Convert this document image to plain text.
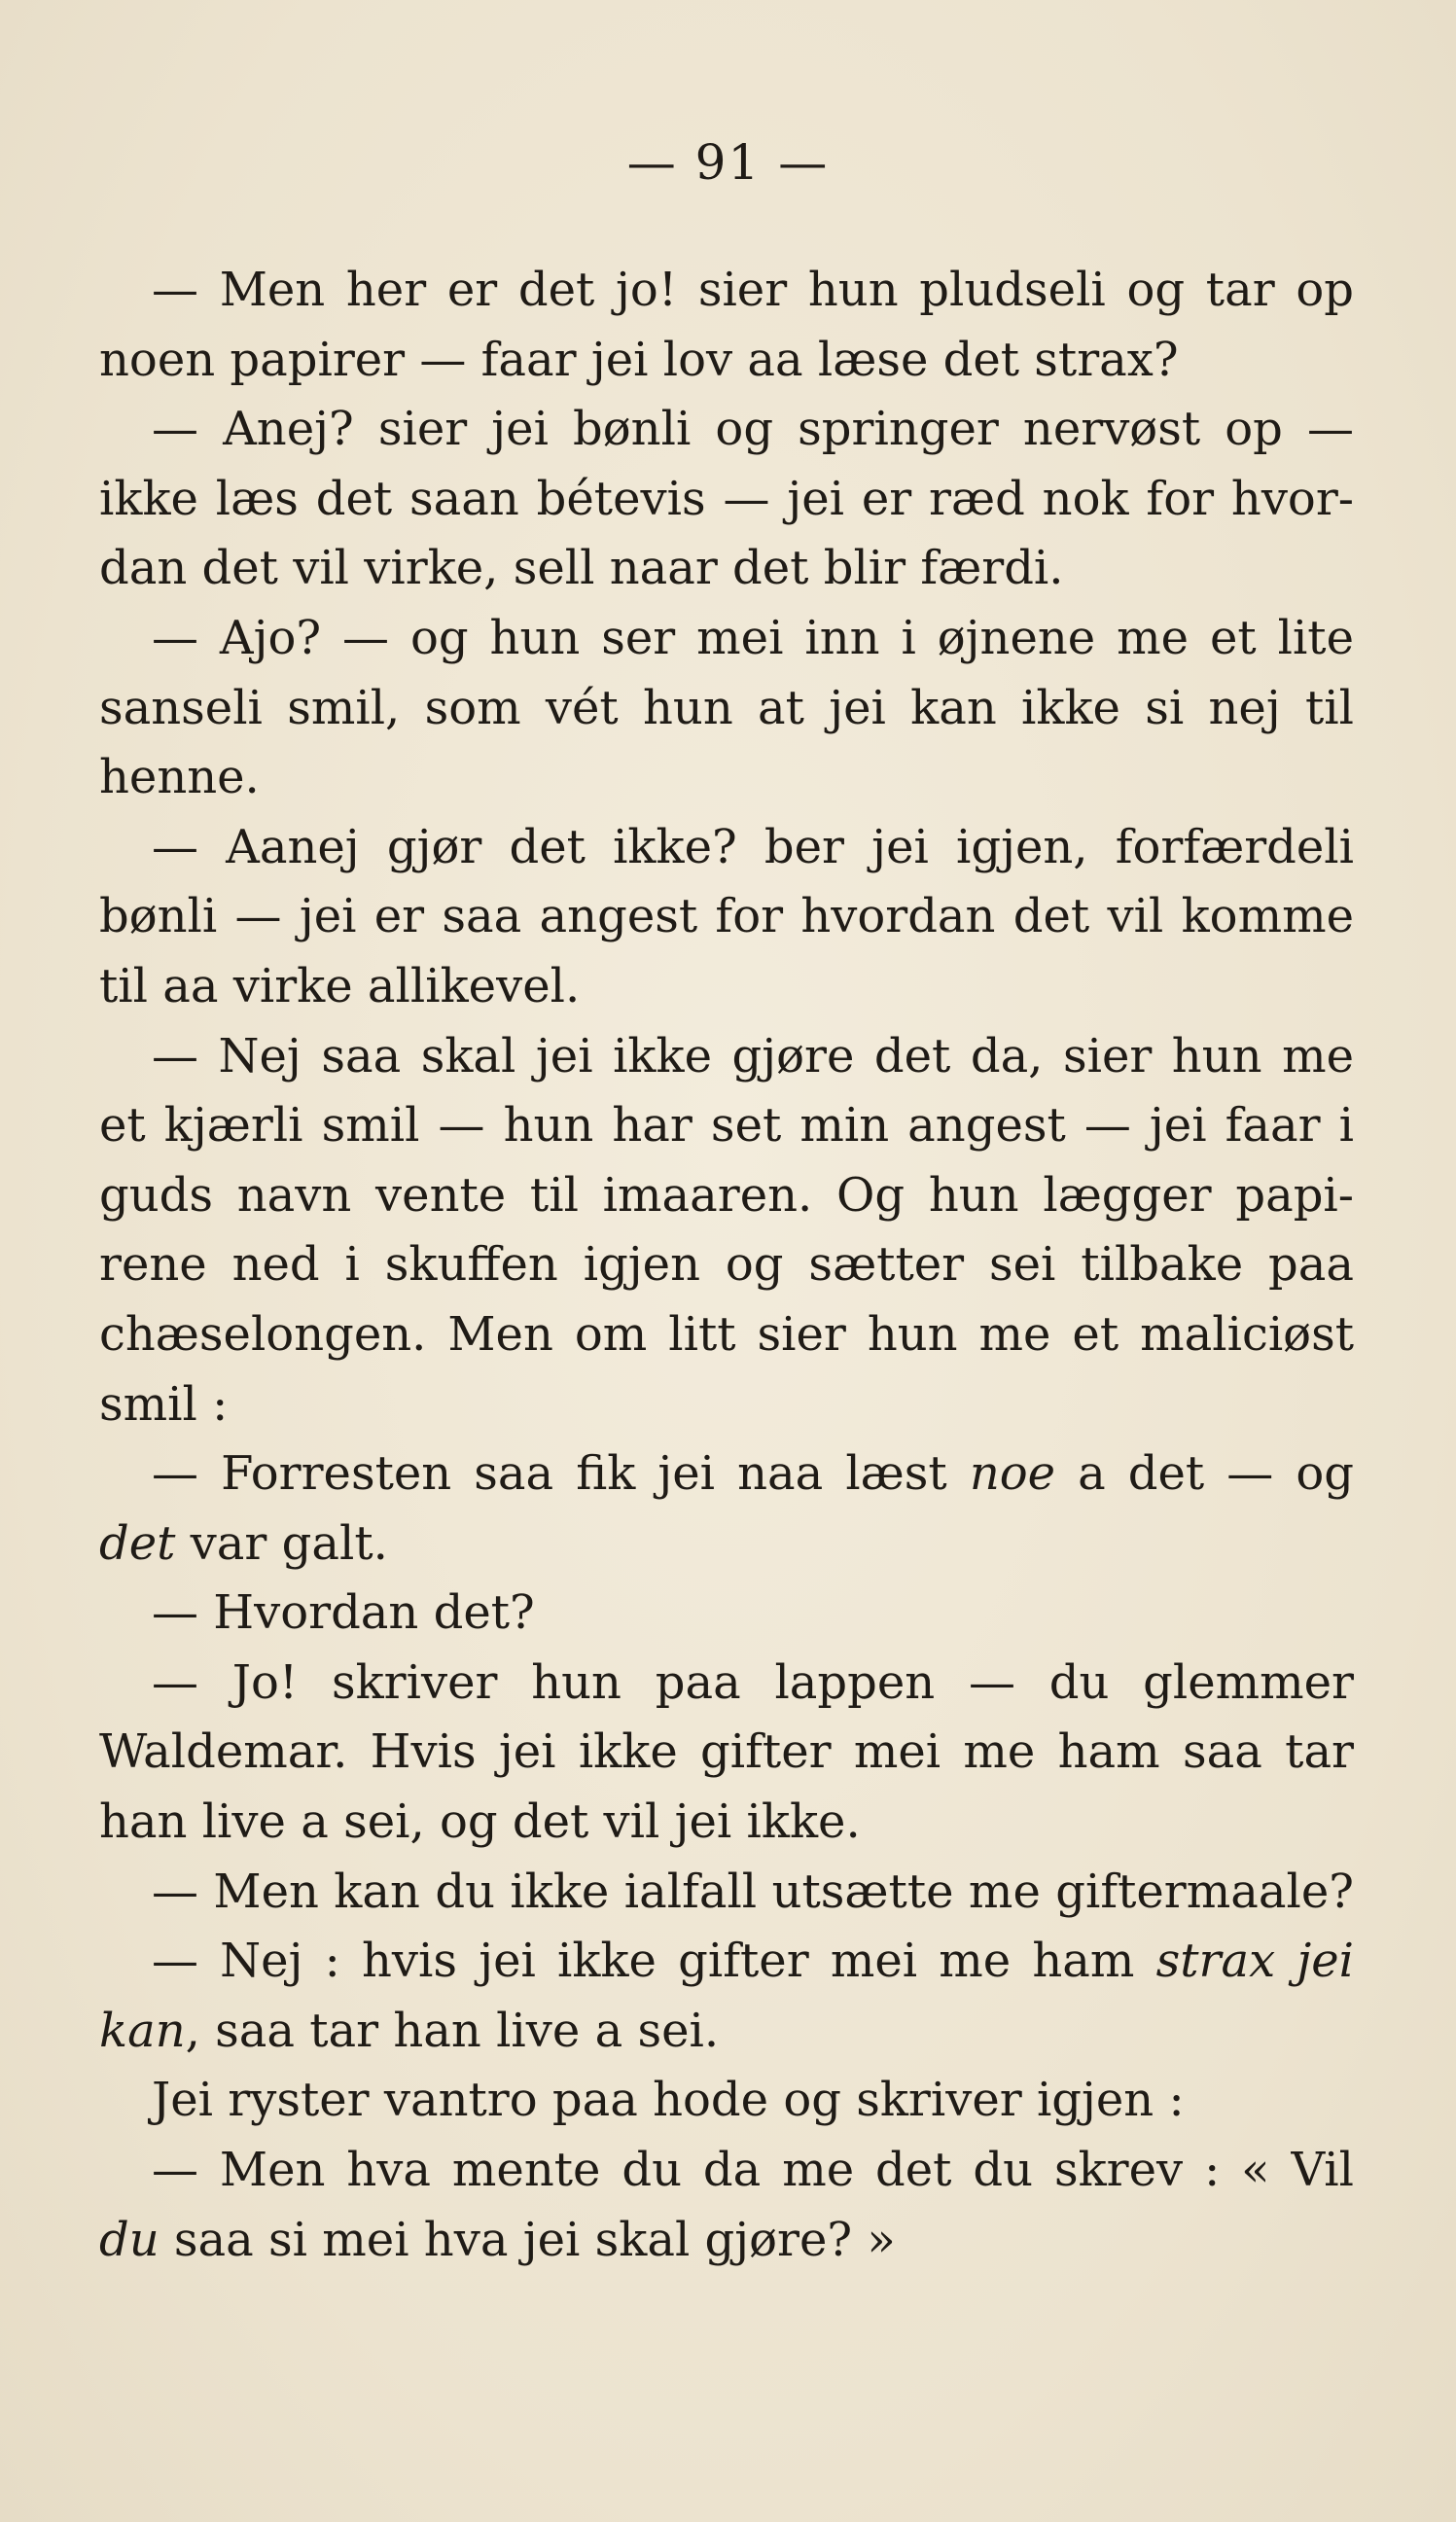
— 91 —
— Men her er det jo! sier hun pludseli og tar op
noen papirer — faar jei lov aa læse det strax?
— Anej? sier jei bønli og springer nervøst op —
ikke læs det saan bétevis — jei er ræd nok for hvor-
dan det vil virke, sell naar det blir færdi.
— Ajo? — og hun ser mei inn i øjnene me et lite
sanseli smil, som vét hun at jei kan ikke si nej til
henne.
— Aanej gjør det ikke? ber jei igjen, forfærdeli
bønli — jei er saa angest for hvordan det vil komme
til aa virke allikevel.
— Nej saa skal jei ikke gjøre det da, sier hun me
et kjærli smil — hun har set min angest — jei faar i
guds navn vente til imaaren. Og hun lægger papi-
rene ned i skuffen igjen og sætter sei tilbake paa
chæselongen. Men om litt sier hun me et maliciøst
smil :
— Forresten saa fik jei naa læst noe a det — og
det var galt.
— Hvordan det?
— Jo! skriver hun paa lappen — du glemmer
Waldemar. Hvis jei ikke gifter mei me ham saa tar
han live a sei, og det vil jei ikke.
— Men kan du ikke ialfall utsætte me giftermaale?
— Nej : hvis jei ikke gifter mei me ham strax jei
kan, saa tar han live a sei.
Jei ryster vantro paa hode og skriver igjen :
— Men hva mente du da me det du skrev : « Vil
du saa si mei hva jei skal gjøre? »
